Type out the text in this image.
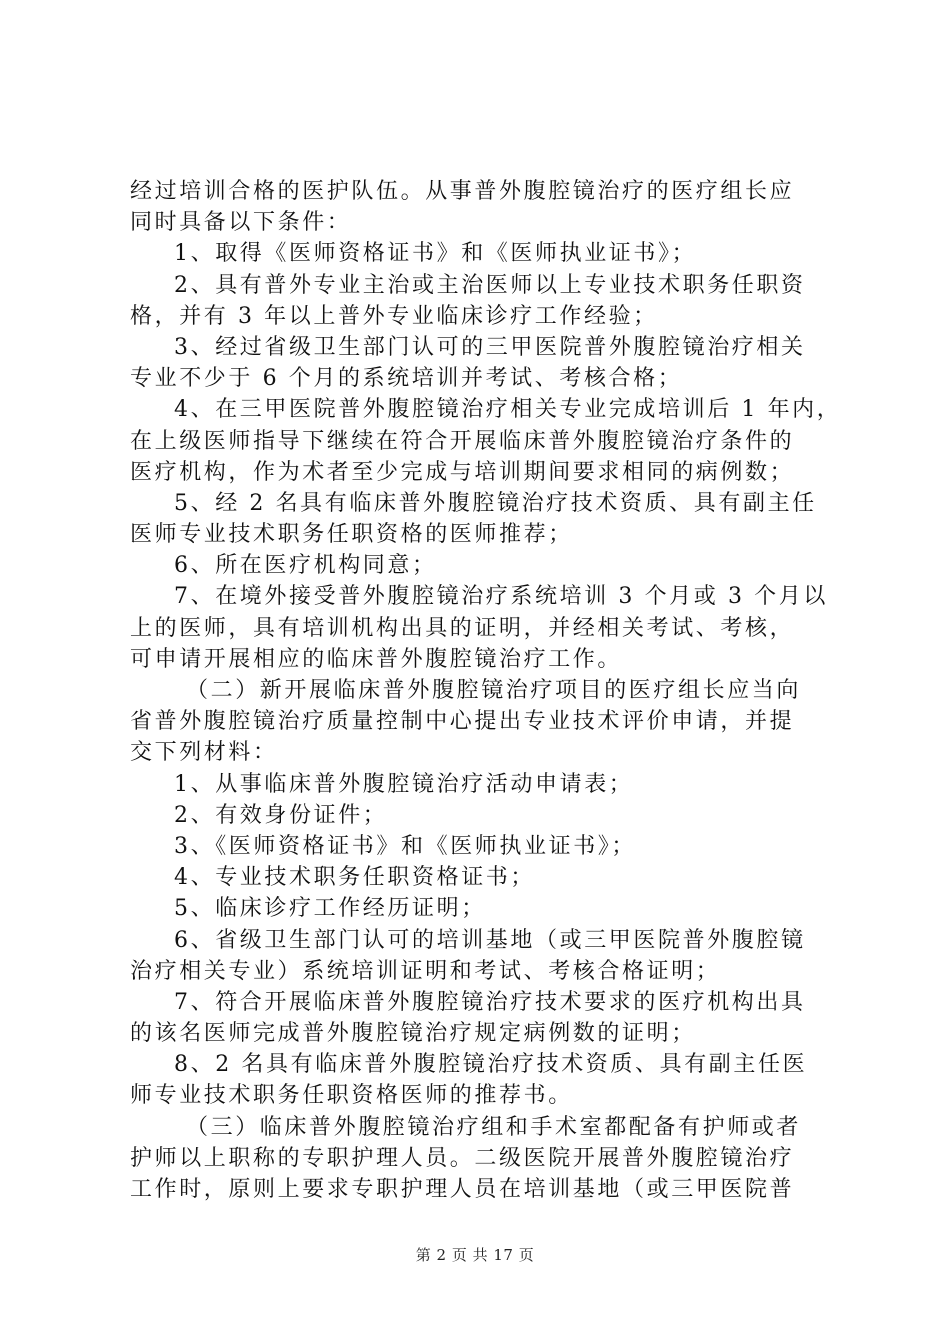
经过培训合格的医护队伍。从事普外腹腔镜治疗的医疗组长应
同时具备以下条件：
1、取得《医师资格证书》和《医师执业证书》；
2、具有普外专业主治或主治医师以上专业技术职务任职资
格，并有 3 年以上普外专业临床诊疗工作经验；
3、经过省级卫生部门认可的三甲医院普外腹腔镜治疗相关
专业不少于 6 个月的系统培训并考试、考核合格；
4、在三甲医院普外腹腔镜治疗相关专业完成培训后 1 年内，
在上级医师指导下继续在符合开展临床普外腹腔镜治疗条件的
医疗机构，作为术者至少完成与培训期间要求相同的病例数；
5、经 2 名具有临床普外腹腔镜治疗技术资质、具有副主任
医师专业技术职务任职资格的医师推荐；
6、所在医疗机构同意；
7、在境外接受普外腹腔镜治疗系统培训 3 个月或 3 个月以
上的医师，具有培训机构出具的证明，并经相关考试、考核，
可申请开展相应的临床普外腹腔镜治疗工作。
（二）新开展临床普外腹腔镜治疗项目的医疗组长应当向
省普外腹腔镜治疗质量控制中心提出专业技术评价申请，并提
交下列材料：
1、从事临床普外腹腔镜治疗活动申请表；
2、有效身份证件；
3、《医师资格证书》和《医师执业证书》；
4、专业技术职务任职资格证书；
5、临床诊疗工作经历证明；
6、省级卫生部门认可的培训基地（或三甲医院普外腹腔镜
治疗相关专业）系统培训证明和考试、考核合格证明；
7、符合开展临床普外腹腔镜治疗技术要求的医疗机构出具
的该名医师完成普外腹腔镜治疗规定病例数的证明；
8、2 名具有临床普外腹腔镜治疗技术资质、具有副主任医
师专业技术职务任职资格医师的推荐书。
（三）临床普外腹腔镜治疗组和手术室都配备有护师或者
护师以上职称的专职护理人员。二级医院开展普外腹腔镜治疗
工作时，原则上要求专职护理人员在培训基地（或三甲医院普
第 2 页 共 17 页
